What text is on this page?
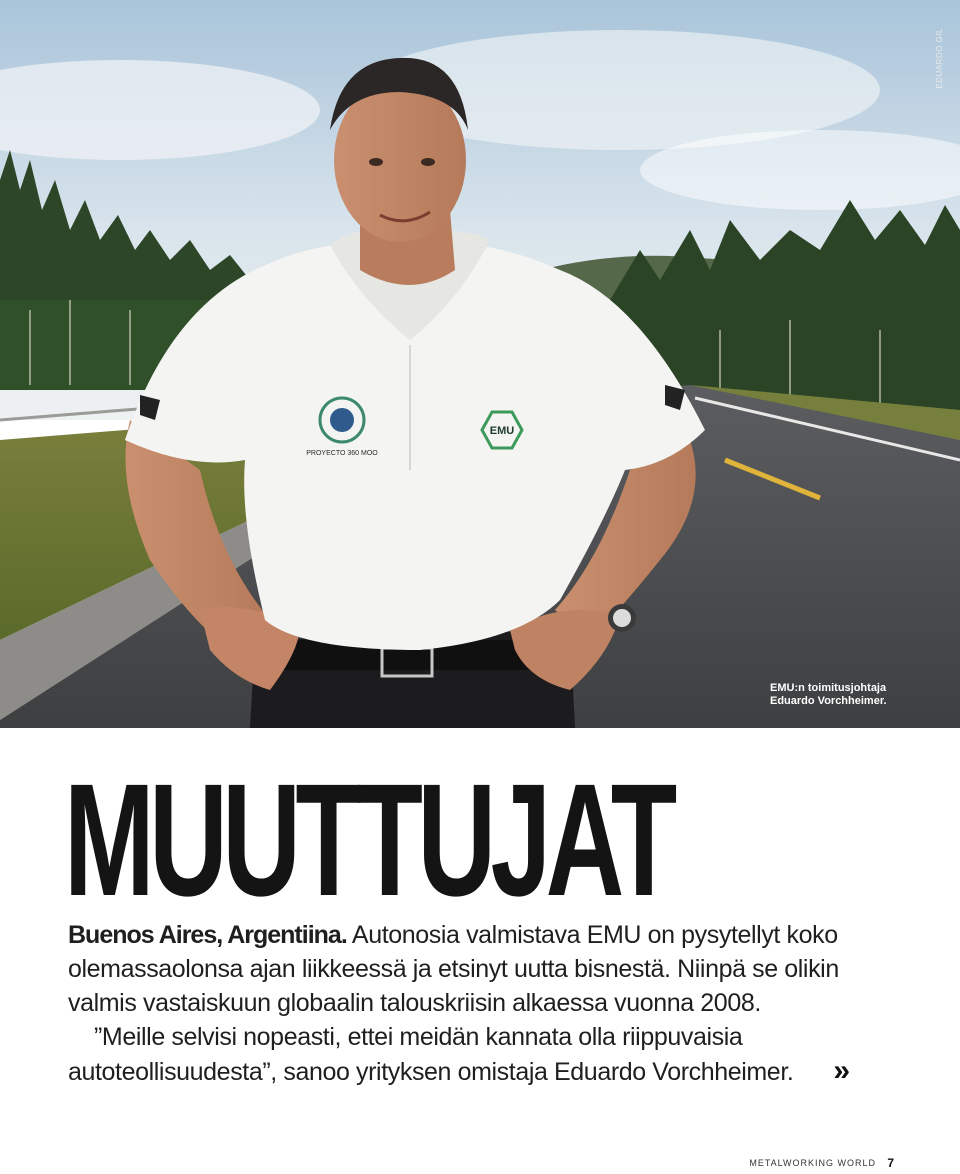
PROYECTO 360 MOO
EMU
EDUARDO GIL
EMU:n toimitusjohtaja
Eduardo Vorchheimer.
MUUTTUJAT

Buenos Aires, Argentiina. Autonosia valmistava EMU on pysytellyt koko olemassaolonsa ajan liikkeessä ja etsinyt uutta bisnestä. Niinpä se olikin valmis vastaiskuun globaalin talouskriisin alkaessa vuonna 2008.

”Meille selvisi nopeasti, ettei meidän kannata olla riippuvaisia autoteollisuudesta”, sanoo yrityksen omistaja Eduardo Vorchheimer. »

METALWORKING WORLD 7
